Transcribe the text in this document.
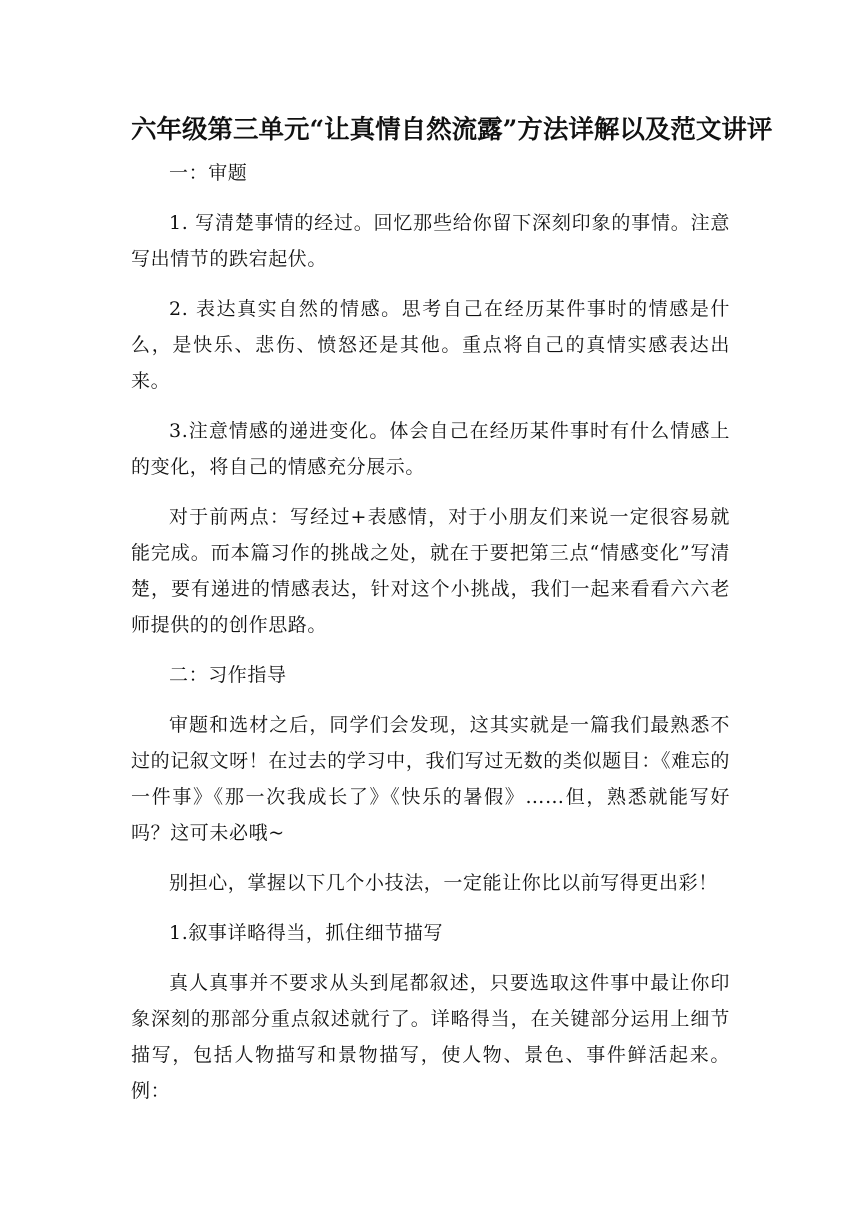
六年级第三单元“让真情自然流露”方法详解以及范文讲评

一：审题

1. 写清楚事情的经过。回忆那些给你留下深刻印象的事情。注意写出情节的跌宕起伏。

2. 表达真实自然的情感。思考自己在经历某件事时的情感是什么，是快乐、悲伤、愤怒还是其他。重点将自己的真情实感表达出来。

3.注意情感的递进变化。体会自己在经历某件事时有什么情感上的变化，将自己的情感充分展示。

对于前两点：写经过+表感情，对于小朋友们来说一定很容易就能完成。而本篇习作的挑战之处，就在于要把第三点“情感变化”写清楚，要有递进的情感表达，针对这个小挑战，我们一起来看看六六老师提供的的创作思路。

二：习作指导

审题和选材之后，同学们会发现，这其实就是一篇我们最熟悉不过的记叙文呀！在过去的学习中，我们写过无数的类似题目：《难忘的一件事》《那一次我成长了》《快乐的暑假》……但，熟悉就能写好吗？这可未必哦~

别担心，掌握以下几个小技法，一定能让你比以前写得更出彩！

1.叙事详略得当，抓住细节描写

真人真事并不要求从头到尾都叙述，只要选取这件事中最让你印象深刻的那部分重点叙述就行了。详略得当，在关键部分运用上细节描写，包括人物描写和景物描写，使人物、景色、事件鲜活起来。例：
